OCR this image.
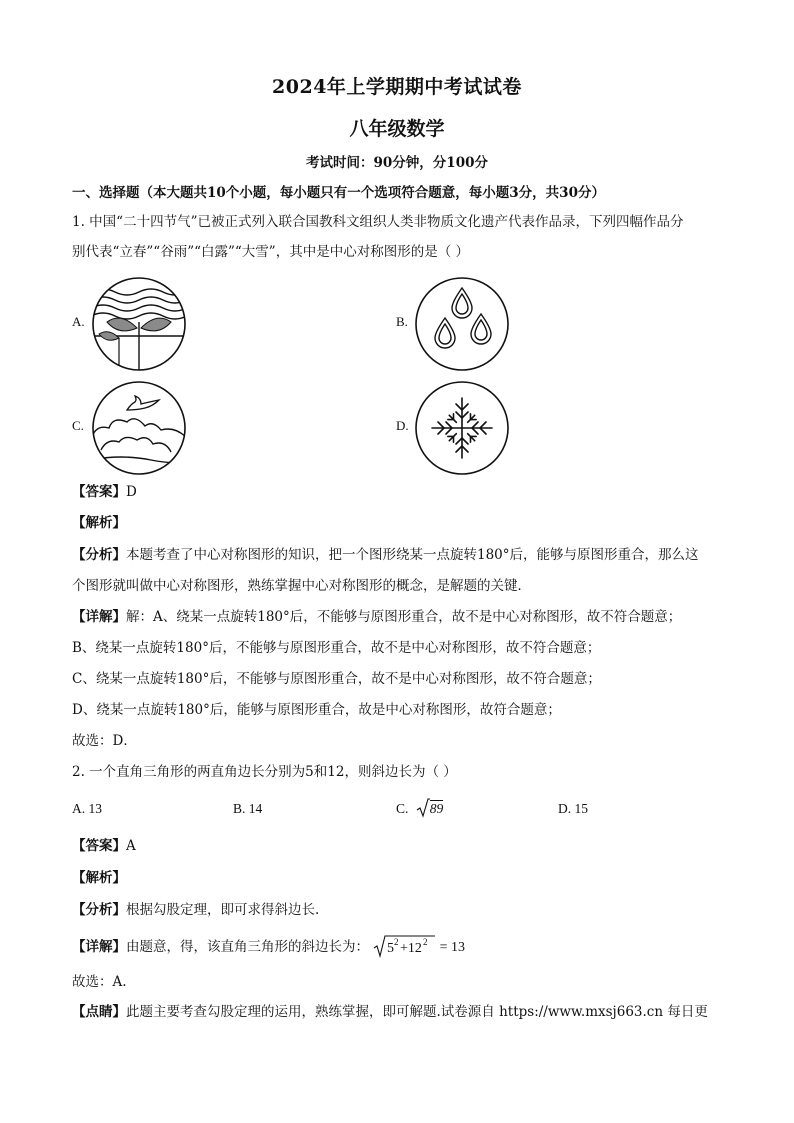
2024年上学期期中考试试卷
八年级数学
考试时间：90分钟，分100分
一、选择题（本大题共10个小题，每小题只有一个选项符合题意，每小题3分，共30分）
1. 中国“二十四节气”已被正式列入联合国教科文组织人类非物质文化遗产代表作品录，下列四幅作品分
别代表“立春”“谷雨”“白露”“大雪”，其中是中心对称图形的是（ ）
A.	B.
C.	D.
【答案】D
【解析】
【分析】本题考查了中心对称图形的知识，把一个图形绕某一点旋转180°后，能够与原图形重合，那么这
个图形就叫做中心对称图形，熟练掌握中心对称图形的概念，是解题的关键．
【详解】解：A、绕某一点旋转180°后，不能够与原图形重合，故不是中心对称图形，故不符合题意；
B、绕某一点旋转180°后，不能够与原图形重合，故不是中心对称图形，故不符合题意；
C、绕某一点旋转180°后，不能够与原图形重合，故不是中心对称图形，故不符合题意；
D、绕某一点旋转180°后，能够与原图形重合，故是中心对称图形，故符合题意；
故选：D．
2. 一个直角三角形的两直角边长分别为5和12，则斜边长为（ ）
A. 13	B. 14	C. 89	D. 15
【答案】A
【解析】
【分析】根据勾股定理，即可求得斜边长.
【详解】由题意，得，该直角三角形的斜边长为： 5 2 +12 2 = 13
故选：A.
【点睛】此题主要考查勾股定理的运用，熟练掌握，即可解题.试卷源自 https://www.mxsj663.cn 每日更
